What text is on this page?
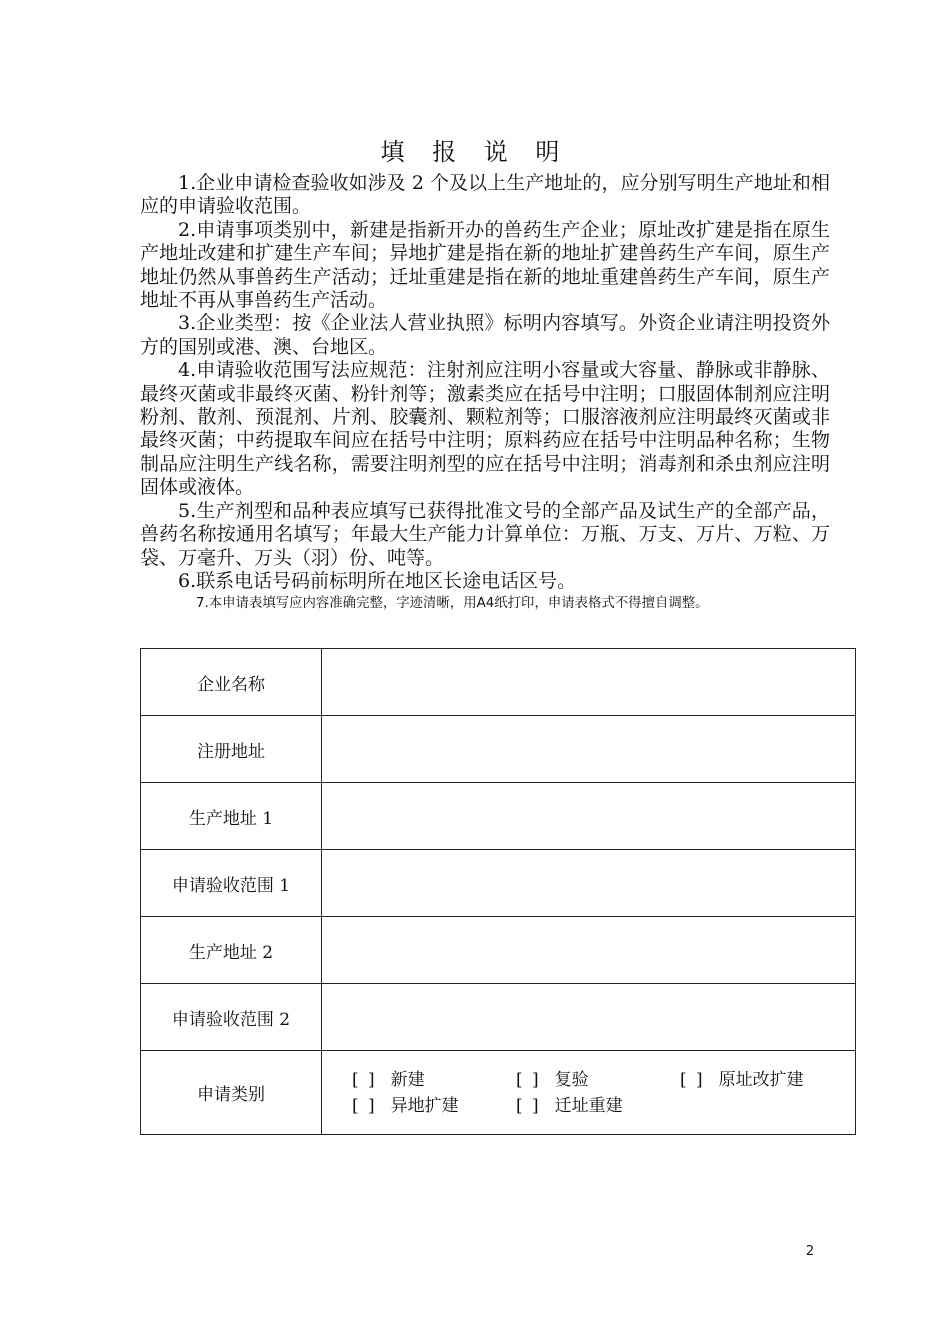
填 报 说 明

1.企业申请检查验收如涉及 2 个及以上生产地址的，应分别写明生产地址和相应的申请验收范围。

2.申请事项类别中，新建是指新开办的兽药生产企业；原址改扩建是指在原生产地址改建和扩建生产车间；异地扩建是指在新的地址扩建兽药生产车间，原生产地址仍然从事兽药生产活动；迁址重建是指在新的地址重建兽药生产车间，原生产地址不再从事兽药生产活动。

3.企业类型：按《企业法人营业执照》标明内容填写。外资企业请注明投资外方的国别或港、澳、台地区。

4.申请验收范围写法应规范：注射剂应注明小容量或大容量、静脉或非静脉、最终灭菌或非最终灭菌、粉针剂等；激素类应在括号中注明；口服固体制剂应注明粉剂、散剂、预混剂、片剂、胶囊剂、颗粒剂等；口服溶液剂应注明最终灭菌或非最终灭菌；中药提取车间应在括号中注明；原料药应在括号中注明品种名称；生物制品应注明生产线名称，需要注明剂型的应在括号中注明；消毒剂和杀虫剂应注明固体或液体。

5.生产剂型和品种表应填写已获得批准文号的全部产品及试生产的全部产品，兽药名称按通用名填写；年最大生产能力计算单位：万瓶、万支、万片、万粒、万袋、万毫升、万头（羽）份、吨等。

6.联系电话号码前标明所在地区长途电话区号。

7.本申请表填写应内容准确完整，字迹清晰，用A4纸打印，申请表格式不得擅自调整。

企业名称	
注册地址	
生产地址 1	
申请验收范围 1	
生产地址 2	
申请验收范围 2	
申请类别	[ ] 新建 [ ] 复验 [ ] 原址改扩建
[ ] 异地扩建 [ ] 迁址重建
2
